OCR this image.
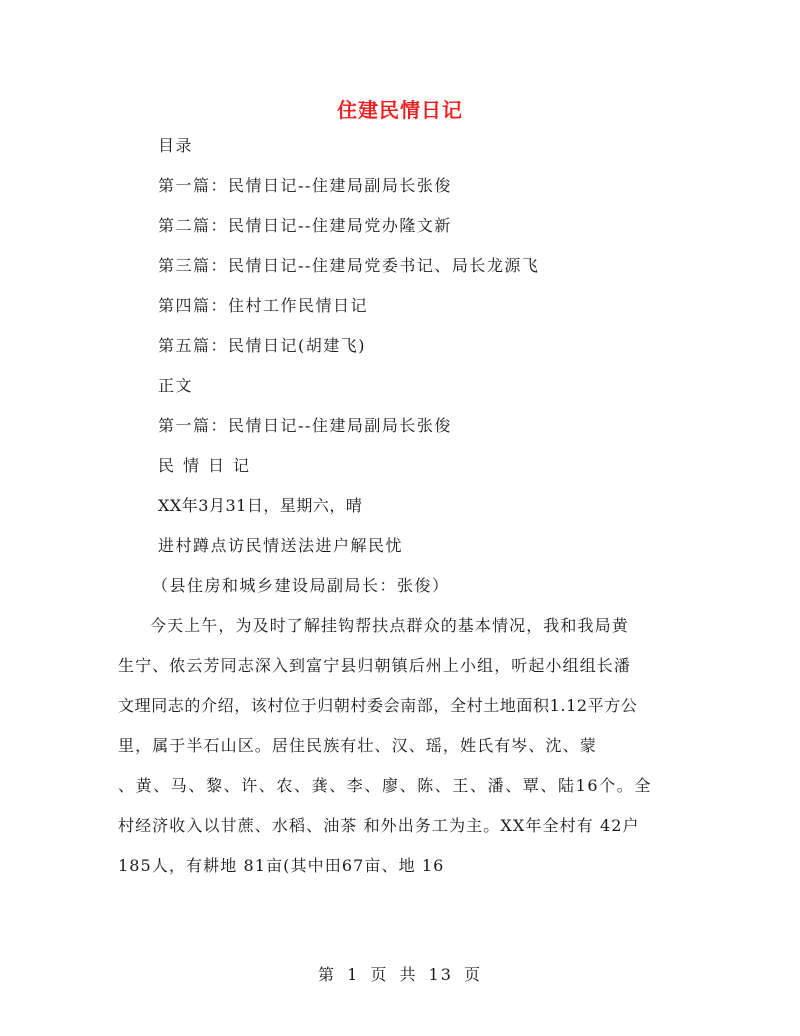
住建民情日记
目录
第一篇：民情日记--住建局副局长张俊
第二篇：民情日记--住建局党办隆文新
第三篇：民情日记--住建局党委书记、局长龙源飞
第四篇：住村工作民情日记
第五篇：民情日记(胡建飞)
正文
第一篇：民情日记--住建局副局长张俊
民情日记
XX年3月31日，星期六，晴
进村蹲点访民情送法进户解民忧
（县住房和城乡建设局副局长：张俊）
今天上午，为及时了解挂钩帮扶点群众的基本情况，我和我局黄
生宁、侬云芳同志深入到富宁县归朝镇后州上小组，听起小组组长潘
文理同志的介绍，该村位于归朝村委会南部，全村土地面积1.12平方公
里，属于半石山区。居住民族有壮、汉、瑶，姓氏有岑、沈、蒙
、黄、马、黎、许、农、龚、李、廖、陈、王、潘、覃、陆16个。全
村经济收入以甘蔗、水稻、油茶 和外出务工为主。XX年全村有 42户
185人，有耕地 81亩(其中田67亩、地 16
第 1 页 共 13 页
